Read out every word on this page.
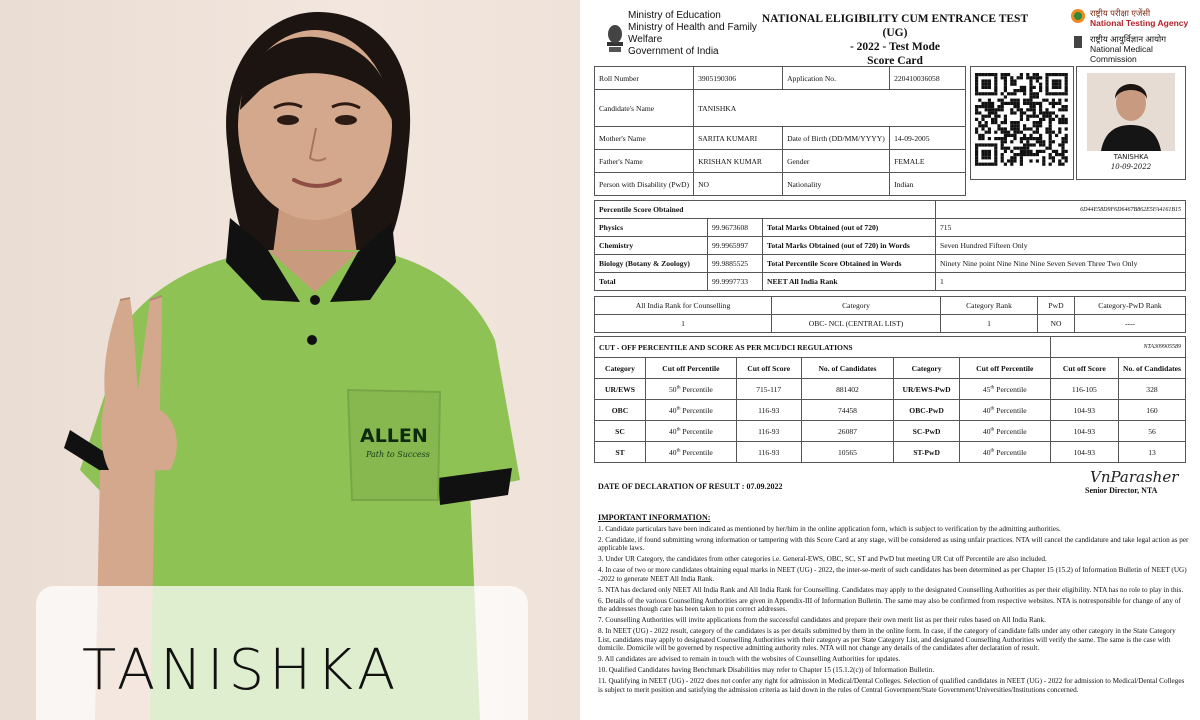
ALLEN
Path to Success
TANISHKA
Ministry of Education
Ministry of Health and Family Welfare
Government of India
NATIONAL ELIGIBILITY CUM ENTRANCE TEST (UG)
- 2022 - Test Mode
Score Card
राष्ट्रीय परीक्षा एजेंसी
National Testing Agency
राष्ट्रीय आयुर्विज्ञान आयोग
National Medical Commission
Roll Number	3905190306	Application No.	220410036058
Candidate's Name	TANISHKA		
Mother's Name	SARITA KUMARI	Date of Birth (DD/MM/YYYY)	14-09-2005
Father's Name	KRISHAN KUMAR	Gender	FEMALE
Person with Disability (PwD)	NO	Nationality	Indian
TANISHKA
10-09-2022
Percentile Score Obtained			6D44E58D9F6D6467B862E5FA4161B15
Physics	99.9673608	Total Marks Obtained (out of 720)	715
Chemistry	99.9965997	Total Marks Obtained (out of 720) in Words	Seven Hundred Fifteen Only
Biology (Botany & Zoology)	99.9885525	Total Percentile Score Obtained in Words	Ninety Nine point Nine Nine Nine Seven Seven Three Two Only
Total	99.9997733	NEET All India Rank	1
All India Rank for Counselling	Category	Category Rank	PwD	Category-PwD Rank
1	OBC- NCL (CENTRAL LIST)	1	NO	----
CUT - OFF PERCENTILE AND SCORE AS PER MCI/DCI REGULATIONS						NTA309905589	
Category	Cut off Percentile	Cut off Score	No. of Candidates	Category	Cut off Percentile	Cut off Score	No. of Candidates
UR/EWS	50th Percentile	715-117	881402	UR/EWS-PwD	45th Percentile	116-105	328
OBC	40th Percentile	116-93	74458	OBC-PwD	40th Percentile	104-93	160
SC	40th Percentile	116-93	26087	SC-PwD	40th Percentile	104-93	56
ST	40th Percentile	116-93	10565	ST-PwD	40th Percentile	104-93	13
DATE OF DECLARATION OF RESULT : 07.09.2022
VnParasher
Senior Director, NTA
IMPORTANT INFORMATION:

1. Candidate particulars have been indicated as mentioned by her/him in the online application form, which is subject to verification by the admitting authorities.

2. Candidate, if found submitting wrong information or tampering with this Score Card at any stage, will be considered as using unfair practices. NTA will cancel the candidature and take legal action as per applicable laws.

3. Under UR Category, the candidates from other categories i.e. General-EWS, OBC, SC, ST and PwD but meeting UR Cut off Percentile are also included.

4. In case of two or more candidates obtaining equal marks in NEET (UG) - 2022, the inter-se-merit of such candidates has been determined as per Chapter 15 (15.2) of Information Bulletin of NEET (UG) -2022 to generate NEET All India Rank.

5. NTA has declared only NEET All India Rank and All India Rank for Counselling. Candidates may apply to the designated Counselling Authorities as per their eligibility. NTA has no role to play in this.

6. Details of the various Counselling Authorities are given in Appendix-III of Information Bulletin. The same may also be confirmed from respective websites. NTA is notresponsible for change of any of the addresses though care has been taken to put correct addresses.

7. Counselling Authorities will invite applications from the successful candidates and prepare their own merit list as per their rules based on All India Rank.

8. In NEET (UG) - 2022 result, category of the candidates is as per details submitted by them in the online form. In case, if the category of candidate falls under any other category in the State Category List, candidates may apply to designated Counselling Authorities with their category as per State Category List, and designated Counselling Authorities will verify the same. The same is the case with domicile. Domicile will be governed by respective admitting authority rules. NTA will not change any details of the candidates after declaration of result.

9. All candidates are advised to remain in touch with the websites of Counselling Authorities for updates.

10. Qualified Candidates having Benchmark Disabilities may refer to Chapter 15 (15.1.2(c)) of Information Bulletin.

11. Qualifying in NEET (UG) - 2022 does not confer any right for admission in Medical/Dental Colleges. Selection of qualified candidates in NEET (UG) - 2022 for admission to Medical/Dental Colleges is subject to merit position and satisfying the admission criteria as laid down in the rules of Central Government/State Government/Universities/Institutions concerned.
